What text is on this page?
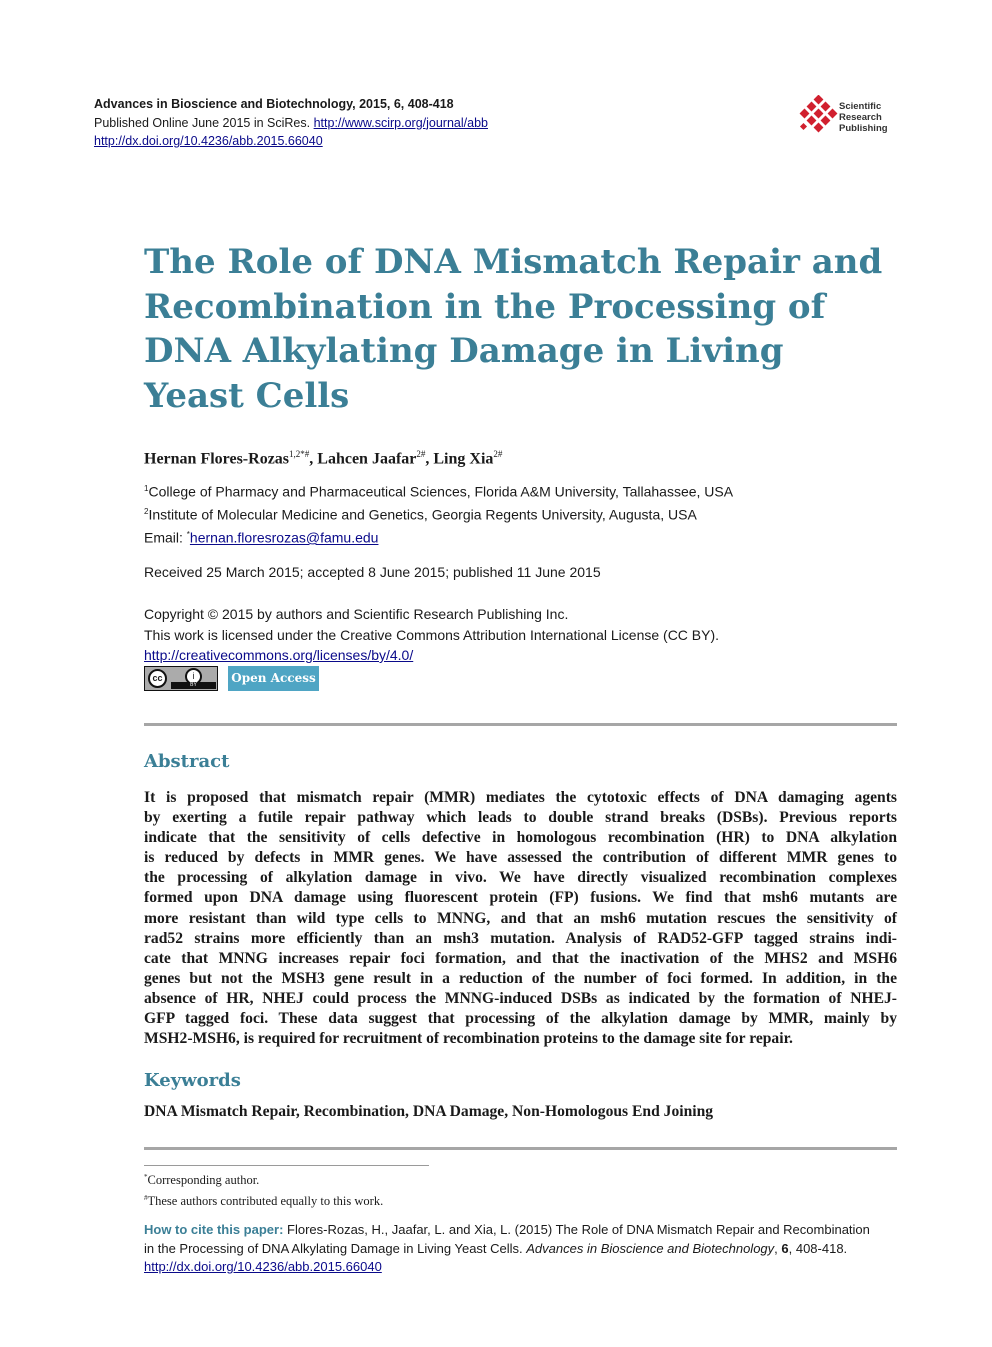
Advances in Bioscience and Biotechnology, 2015, 6, 408-418
Published Online June 2015 in SciRes. http://www.scirp.org/journal/abb
http://dx.doi.org/10.4236/abb.2015.66040
Scientific
Research
Publishing
The Role of DNA Mismatch Repair and
Recombination in the Processing of
DNA Alkylating Damage in Living
Yeast Cells
Hernan Flores-Rozas$^{1,2*\#}$, Lahcen Jaafar$^{2\#}$, Ling Xia$^{2\#}$
$^1$College of Pharmacy and Pharmaceutical Sciences, Florida A&M University, Tallahassee, USA
$^2$Institute of Molecular Medicine and Genetics, Georgia Regents University, Augusta, USA
Email: *hernan.floresrozas@famu.edu
Received 25 March 2015; accepted 8 June 2015; published 11 June 2015
Copyright © 2015 by authors and Scientific Research Publishing Inc.
This work is licensed under the Creative Commons Attribution International License (CC BY).
http://creativecommons.org/licenses/by/4.0/
cc	i
BY	Open Access
Abstract
It is proposed that mismatch repair (MMR) mediates the cytotoxic effects of DNA damaging agents
by exerting a futile repair pathway which leads to double strand breaks (DSBs). Previous reports
indicate that the sensitivity of cells defective in homologous recombination (HR) to DNA alkylation
is reduced by defects in MMR genes. We have assessed the contribution of different MMR genes to
the processing of alkylation damage in vivo. We have directly visualized recombination complexes
formed upon DNA damage using fluorescent protein (FP) fusions. We find that msh6 mutants are
more resistant than wild type cells to MNNG, and that an msh6 mutation rescues the sensitivity of
rad52 strains more efficiently than an msh3 mutation. Analysis of RAD52-GFP tagged strains indi-
cate that MNNG increases repair foci formation, and that the inactivation of the MHS2 and MSH6
genes but not the MSH3 gene result in a reduction of the number of foci formed. In addition, in the
absence of HR, NHEJ could process the MNNG-induced DSBs as indicated by the formation of NHEJ-
GFP tagged foci. These data suggest that processing of the alkylation damage by MMR, mainly by
MSH2-MSH6, is required for recruitment of recombination proteins to the damage site for repair.
Keywords
DNA Mismatch Repair, Recombination, DNA Damage, Non-Homologous End Joining
*Corresponding author.
#These authors contributed equally to this work.
How to cite this paper: Flores-Rozas, H., Jaafar, L. and Xia, L. (2015) The Role of DNA Mismatch Repair and Recombination
in the Processing of DNA Alkylating Damage in Living Yeast Cells. Advances in Bioscience and Biotechnology, 6, 408-418.
http://dx.doi.org/10.4236/abb.2015.66040
